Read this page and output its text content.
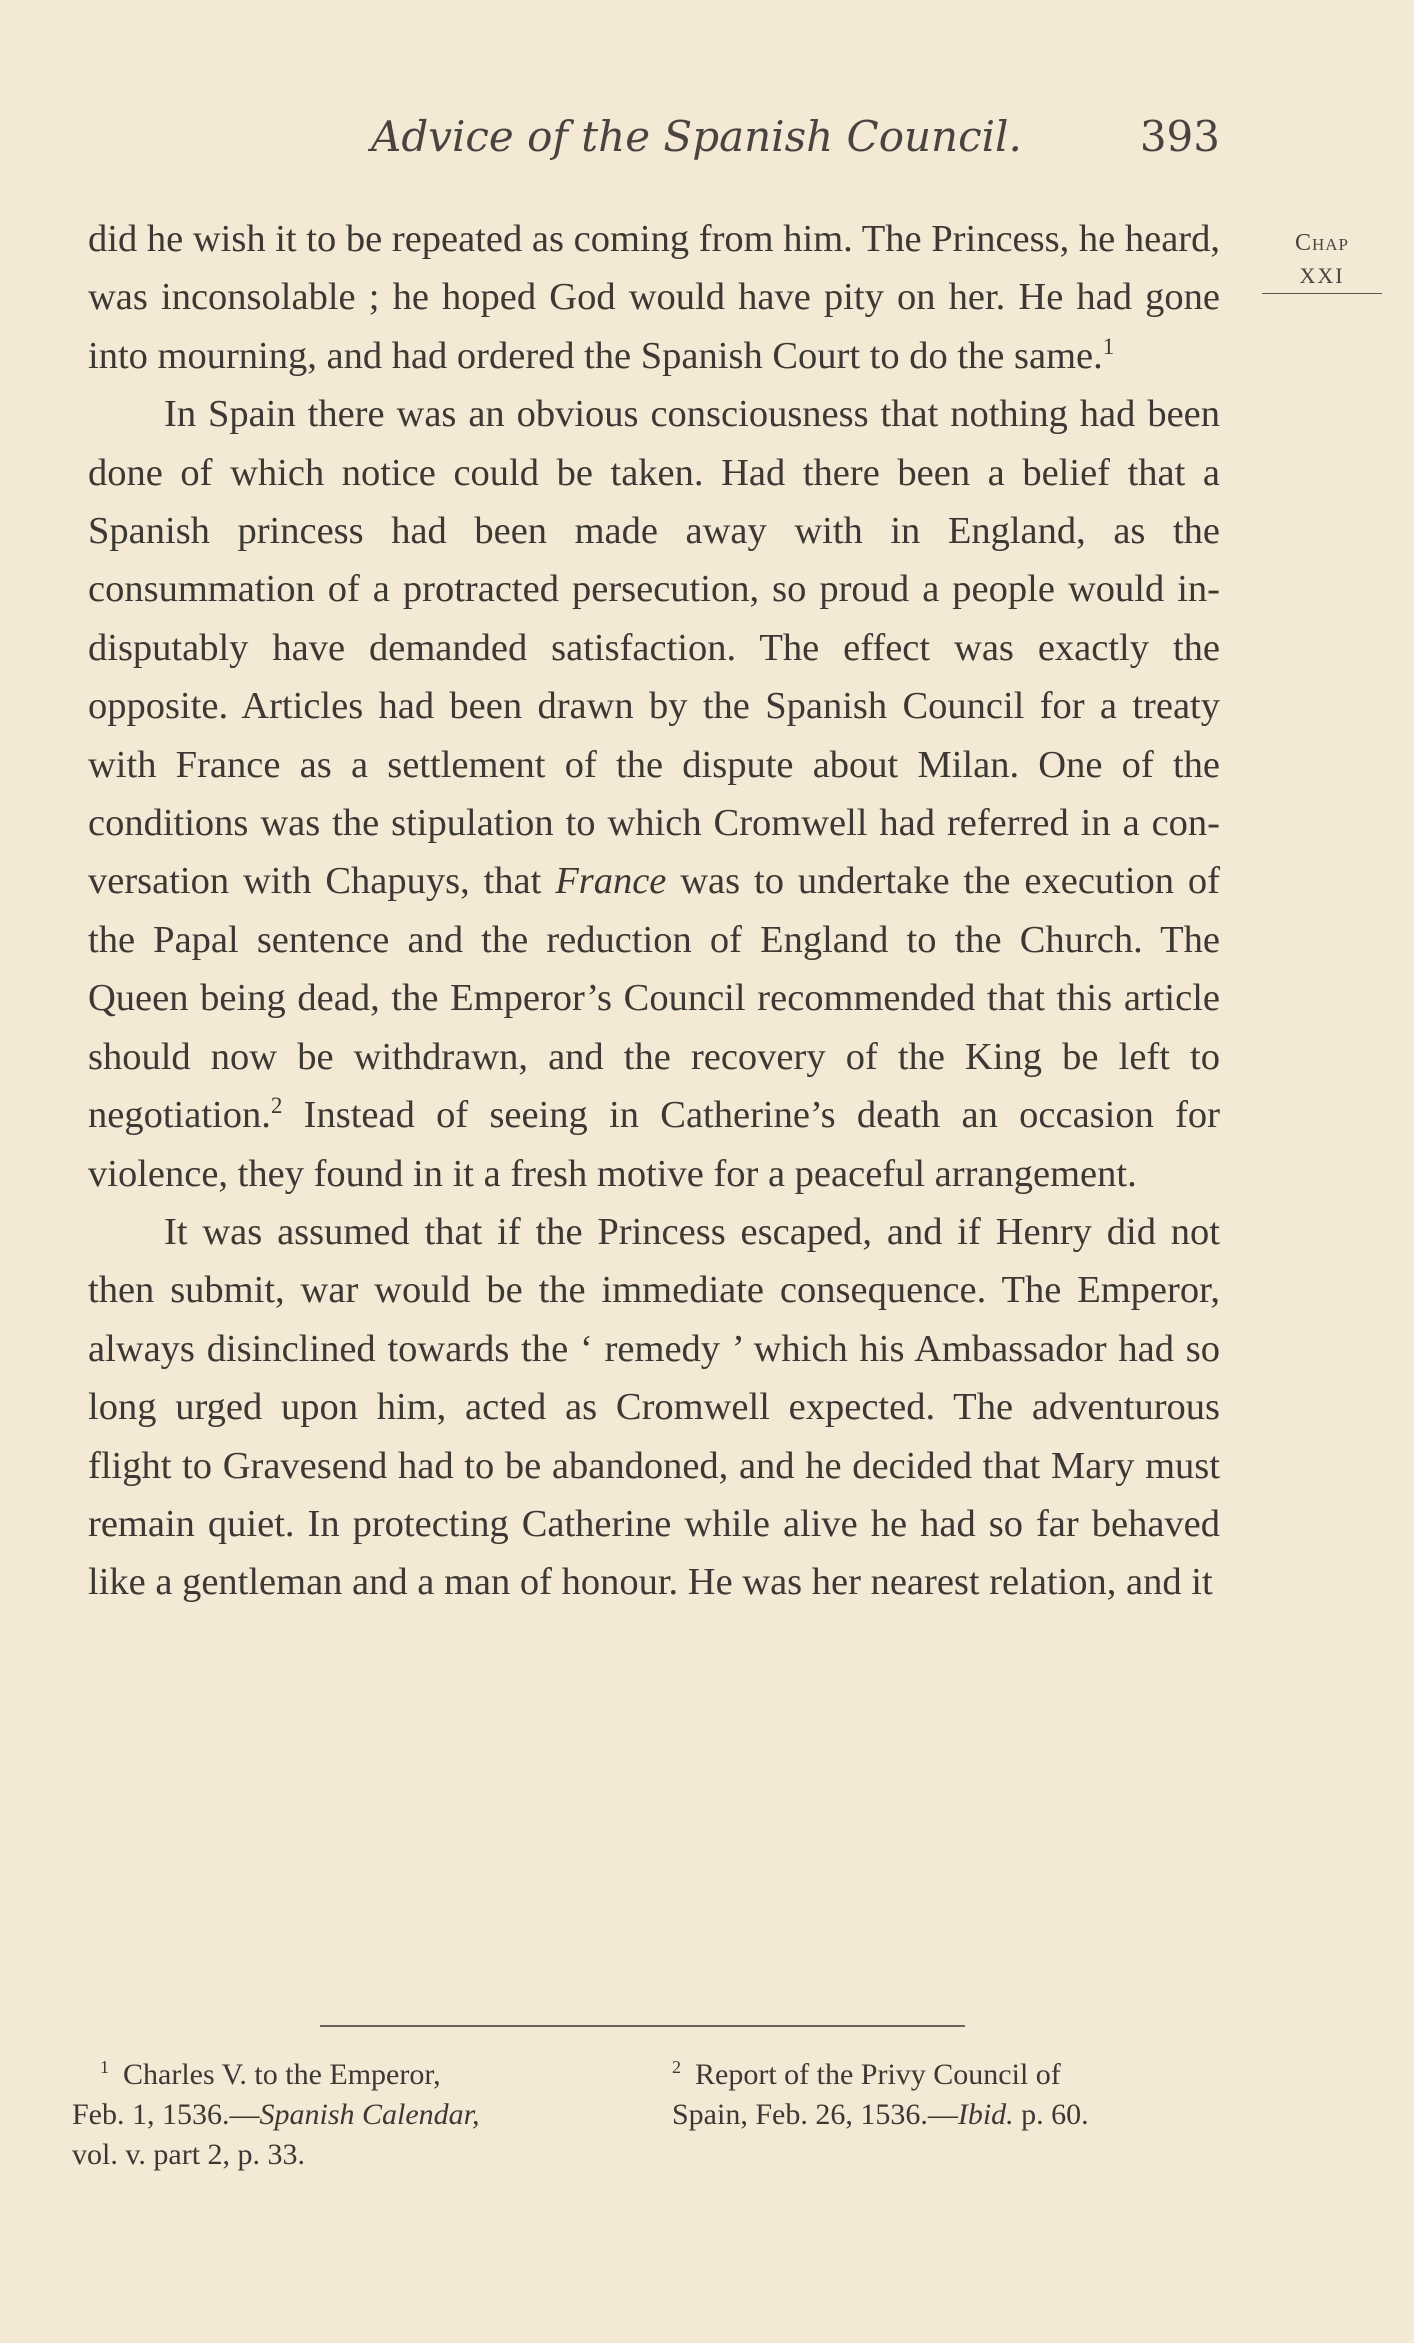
Advice of the Spanish Council.	393
Chap
XXI

did he wish it to be repeated as coming from him. The Princess, he heard, was inconsolable ; he hoped God would have pity on her. He had gone into mourning, and had ordered the Spanish Court to do the same.$^1$

In Spain there was an obvious consciousness that nothing had been done of which notice could be taken. Had there been a belief that a Spanish princess had been made away with in England, as the consummation of a protracted persecution, so proud a people would in- disputably have demanded satisfaction. The effect was exactly the opposite. Articles had been drawn by the Spanish Council for a treaty with France as a settlement of the dispute about Milan. One of the conditions was the stipulation to which Cromwell had referred in a con- versation with Chapuys, that France was to undertake the execution of the Papal sentence and the reduction of England to the Church. The Queen being dead, the Emperor’s Council recommended that this article should now be withdrawn, and the recovery of the King be left to negotiation.$^2$ Instead of seeing in Catherine’s death an occasion for violence, they found in it a fresh motive for a peaceful arrangement.

It was assumed that if the Princess escaped, and if Henry did not then submit, war would be the immediate consequence. The Emperor, always disinclined towards the ‘ remedy ’ which his Ambassador had so long urged upon him, acted as Cromwell expected. The adventurous flight to Gravesend had to be abandoned, and he decided that Mary must remain quiet. In protecting Catherine while alive he had so far behaved like a gentleman and a man of honour. He was her nearest relation, and it

$^1$ Charles V. to the Emperor,
Feb. 1, 1536.—Spanish Calendar,
vol. v. part 2, p. 33.
$^2$ Report of the Privy Council of
Spain, Feb. 26, 1536.—Ibid. p. 60.
